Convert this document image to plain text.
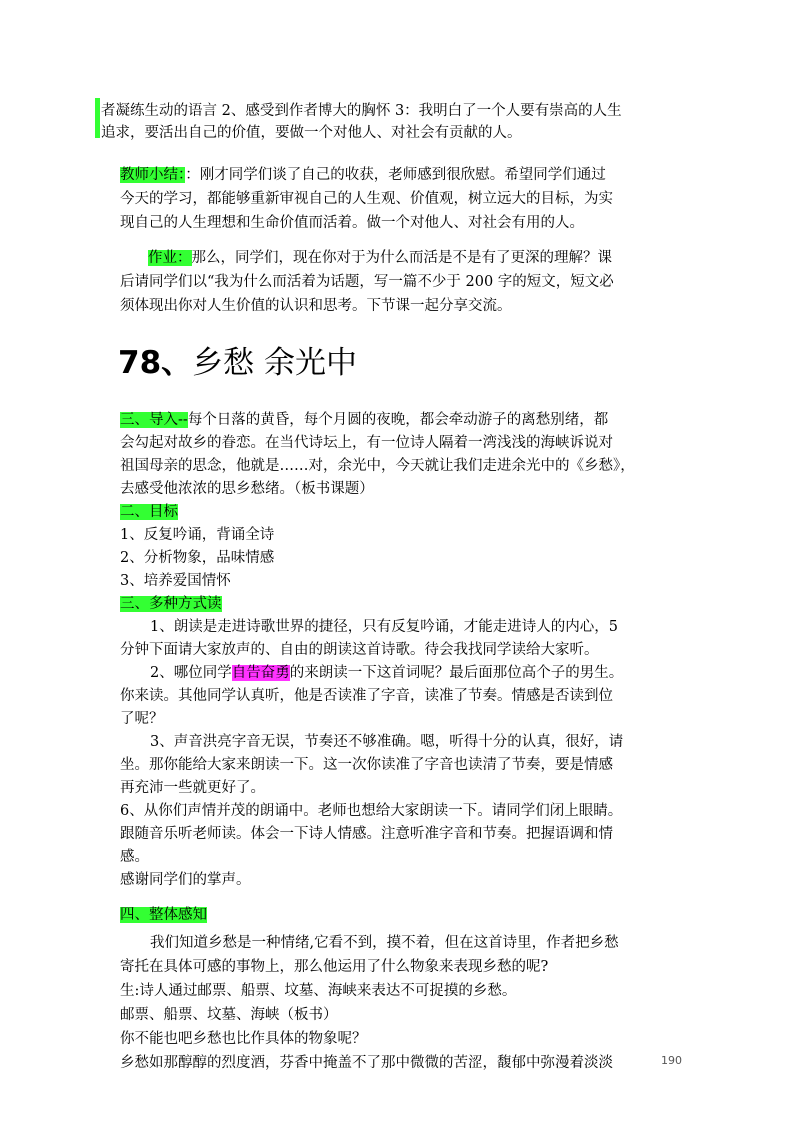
者凝练生动的语言 2、感受到作者博大的胸怀 3：我明白了一个人要有崇高的人生

追求，要活出自己的价值，要做一个对他人、对社会有贡献的人。

教师小结：：刚才同学们谈了自己的收获，老师感到很欣慰。希望同学们通过

今天的学习，都能够重新审视自己的人生观、价值观，树立远大的目标，为实

现自己的人生理想和生命价值而活着。做一个对他人、对社会有用的人。

作业：那么，同学们，现在你对于为什么而活是不是有了更深的理解？课

后请同学们以“我为什么而活着为话题，写一篇不少于 200 字的短文，短文必

须体现出你对人生价值的认识和思考。下节课一起分享交流。

78、乡愁 余光中

三、导入--每个日落的黄昏，每个月圆的夜晚，都会牵动游子的离愁别绪，都

会勾起对故乡的眷恋。在当代诗坛上，有一位诗人隔着一湾浅浅的海峡诉说对

祖国母亲的思念，他就是……对，余光中，今天就让我们走进余光中的《乡愁》，

去感受他浓浓的思乡愁绪。（板书课题）

二、目标

1、反复吟诵，背诵全诗

2、分析物象，品味情感

3、培养爱国情怀

三、多种方式读

1、朗读是走进诗歌世界的捷径，只有反复吟诵，才能走进诗人的内心，5

分钟下面请大家放声的、自由的朗读这首诗歌。待会我找同学读给大家听。

2、哪位同学自告奋勇的来朗读一下这首词呢？最后面那位高个子的男生。

你来读。其他同学认真听，他是否读准了字音，读准了节奏。情感是否读到位

了呢？

3、声音洪亮字音无误，节奏还不够准确。嗯，听得十分的认真，很好，请

坐。那你能给大家来朗读一下。这一次你读准了字音也读清了节奏，要是情感

再充沛一些就更好了。

6、从你们声情并茂的朗诵中。老师也想给大家朗读一下。请同学们闭上眼睛。

跟随音乐听老师读。体会一下诗人情感。注意听准字音和节奏。把握语调和情

感。

感谢同学们的掌声。

四、整体感知

我们知道乡愁是一种情绪,它看不到，摸不着，但在这首诗里，作者把乡愁

寄托在具体可感的事物上，那么他运用了什么物象来表现乡愁的呢?

生:诗人通过邮票、船票、坟墓、海峡来表达不可捉摸的乡愁。

邮票、船票、坟墓、海峡（板书）

你不能也吧乡愁也比作具体的物象呢？

乡愁如那醇醇的烈度酒，芬香中掩盖不了那中微微的苦涩，馥郁中弥漫着淡淡	190
